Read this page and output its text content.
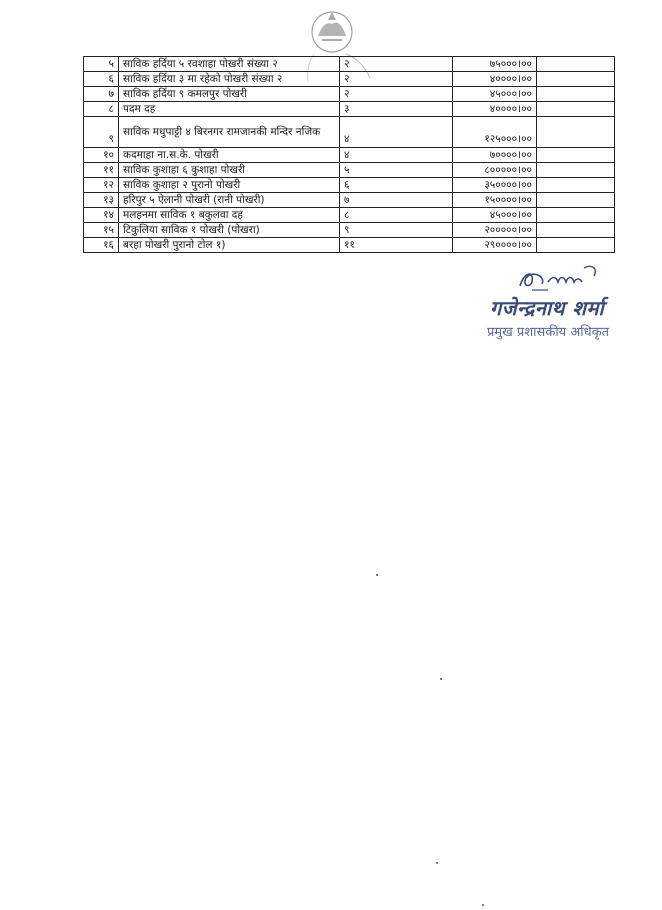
५	साविक हर्दिया ५ रवशाहा पोखरी संख्या २	२	७५०००।००	
६	साविक हर्दिया ३ मा रहेको पोखरी संख्या २	२	४००००।००	
७	साविक हर्दिया ९ कमलपुर पोखरी	२	४५०००।००	
८	पदम दह	३	४००००।००	
९	साविक मधुपाट्टी ४ बिरनगर रामजानकी मन्दिर नजिक	४	१२५०००।००	
१०	कदमाहा ना.स.के. पोखरी	४	७००००।००	
११	साविक कुशाहा ६ कुशाहा पोखरी	५	८०००००।००	
१२	साविक कुशाहा २ पुरानो पोखरी	६	३५००००।००	
१३	हरिपुर ५ ऐलानी पोखरी (रानी पोखरी)	७	१५००००।००	
१४	मलहनमा साविक १ बकुलवा दह	८	४५०००।००	
१५	टिकुलिया साविक १ पोखरी (पोखरा)	९	२०००००।००	
१६	बरहा पोखरी पुरानो टोल १)	११	२९००००।००	
गजेन्द्रनाथ शर्मा
प्रमुख प्रशासकीय अधिकृत
